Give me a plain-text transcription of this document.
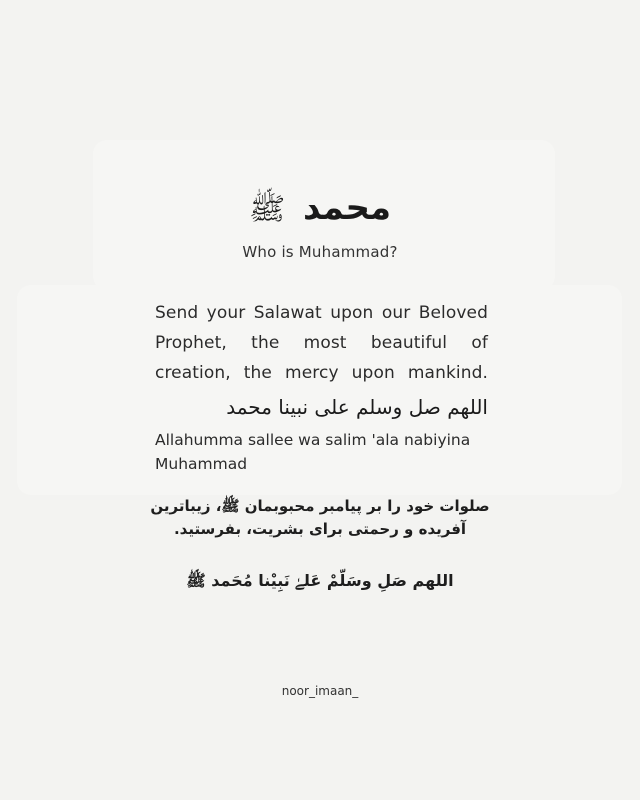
محمد ﷺ
Who is Muhammad?
Send your Salawat upon our Beloved Prophet, the most beautiful of creation, the mercy upon mankind.
اللهم صل وسلم على نبينا محمد
Allahumma sallee wa salim 'ala nabiyina Muhammad
صلوات خود را بر پیامبر محبوبمان ﷺ، زیباترین
آفریده و رحمتی برای بشریت، بفرستید.
اللهم صَلِ وسَلّمْ عَلےٰ نَبِيْنا مُحَمد ﷺ
noor_imaan_
